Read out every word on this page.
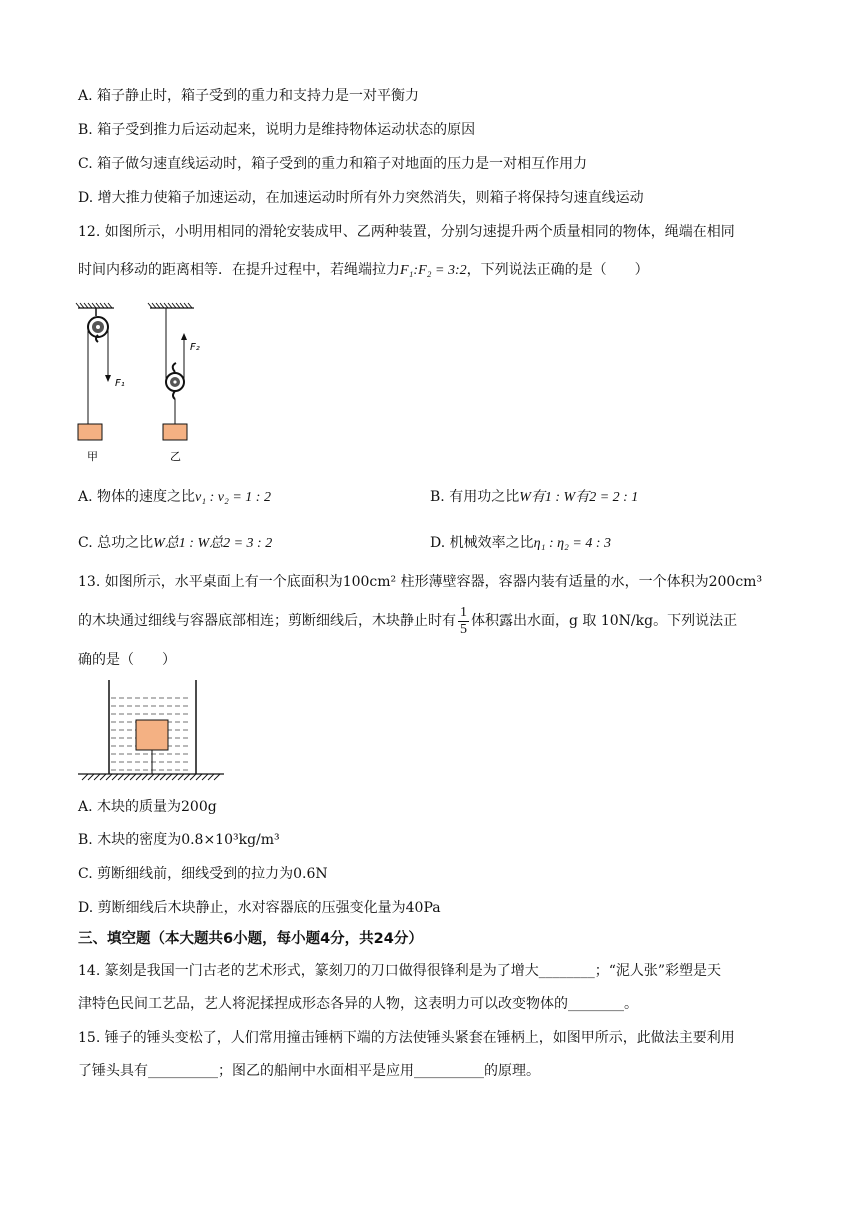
A. 箱子静止时，箱子受到的重力和支持力是一对平衡力
B. 箱子受到推力后运动起来，说明力是维持物体运动状态的原因
C. 箱子做匀速直线运动时，箱子受到的重力和箱子对地面的压力是一对相互作用力
D. 增大推力使箱子加速运动，在加速运动时所有外力突然消失，则箱子将保持匀速直线运动
12. 如图所示，小明用相同的滑轮安装成甲、乙两种装置，分别匀速提升两个质量相同的物体，绳端在相同
时间内移动的距离相等．在提升过程中，若绳端拉力F₁:F₂ = 3:2，下列说法正确的是（　　）
F₁
甲
F₂
乙
A. 物体的速度之比v₁ : v₂ = 1 : 2	B. 有用功之比W有1 : W有2 = 2 : 1
C. 总功之比W总1 : W总2 = 3 : 2	D. 机械效率之比η₁ : η₂ = 4 : 3
13. 如图所示，水平桌面上有一个底面积为100cm² 柱形薄壁容器，容器内装有适量的水，一个体积为200cm³
的木块通过细线与容器底部相连；剪断细线后，木块静止时有 $\frac{1}{5}$ 体积露出水面，g 取 10N/kg。下列说法正
确的是（　　）
A. 木块的质量为200g
B. 木块的密度为0.8×10³kg/m³
C. 剪断细线前，细线受到的拉力为0.6N
D. 剪断细线后木块静止，水对容器底的压强变化量为40Pa
三、填空题（本大题共6小题，每小题4分，共24分）
14. 篆刻是我国一门古老的艺术形式，篆刻刀的刀口做得很锋利是为了增大________；“泥人张”彩塑是天
津特色民间工艺品，艺人将泥揉捏成形态各异的人物，这表明力可以改变物体的________。
15. 锤子的锤头变松了，人们常用撞击锤柄下端的方法使锤头紧套在锤柄上，如图甲所示，此做法主要利用
了锤头具有__________；图乙的船闸中水面相平是应用__________的原理。
